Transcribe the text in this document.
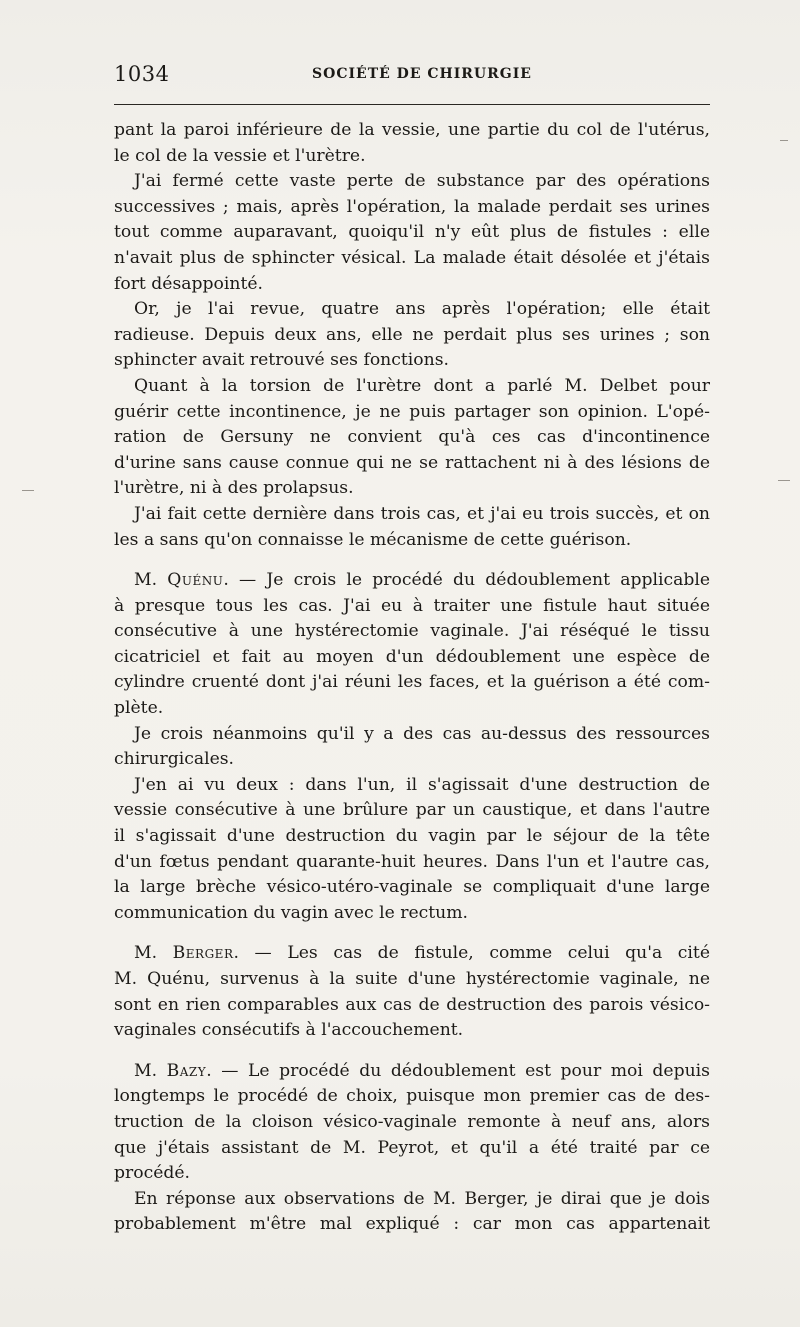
1034	SOCIÉTÉ DE CHIRURGIE
pant la paroi inférieure de la vessie, une partie du col de l'utérus,
le col de la vessie et l'urètre.
J'ai fermé cette vaste perte de substance par des opérations
successives ; mais, après l'opération, la malade perdait ses urines
tout comme auparavant, quoiqu'il n'y eût plus de fistules : elle
n'avait plus de sphincter vésical. La malade était désolée et j'étais
fort désappointé.
Or, je l'ai revue, quatre ans après l'opération; elle était
radieuse. Depuis deux ans, elle ne perdait plus ses urines ; son
sphincter avait retrouvé ses fonctions.
Quant à la torsion de l'urètre dont a parlé M. Delbet pour
guérir cette incontinence, je ne puis partager son opinion. L'opé-
ration de Gersuny ne convient qu'à ces cas d'incontinence
d'urine sans cause connue qui ne se rattachent ni à des lésions de
l'urètre, ni à des prolapsus.
J'ai fait cette dernière dans trois cas, et j'ai eu trois succès, et on
les a sans qu'on connaisse le mécanisme de cette guérison.
M. Quénu. — Je crois le procédé du dédoublement applicable
à presque tous les cas. J'ai eu à traiter une fistule haut située
consécutive à une hystérectomie vaginale. J'ai réséqué le tissu
cicatriciel et fait au moyen d'un dédoublement une espèce de
cylindre cruenté dont j'ai réuni les faces, et la guérison a été com-
plète.
Je crois néanmoins qu'il y a des cas au-dessus des ressources
chirurgicales.
J'en ai vu deux : dans l'un, il s'agissait d'une destruction de
vessie consécutive à une brûlure par un caustique, et dans l'autre
il s'agissait d'une destruction du vagin par le séjour de la tête
d'un fœtus pendant quarante-huit heures. Dans l'un et l'autre cas,
la large brèche vésico-utéro-vaginale se compliquait d'une large
communication du vagin avec le rectum.
M. Berger. — Les cas de fistule, comme celui qu'a cité
M. Quénu, survenus à la suite d'une hystérectomie vaginale, ne
sont en rien comparables aux cas de destruction des parois vésico-
vaginales consécutifs à l'accouchement.
M. Bazy. — Le procédé du dédoublement est pour moi depuis
longtemps le procédé de choix, puisque mon premier cas de des-
truction de la cloison vésico-vaginale remonte à neuf ans, alors
que j'étais assistant de M. Peyrot, et qu'il a été traité par ce
procédé.
En réponse aux observations de M. Berger, je dirai que je dois
probablement m'être mal expliqué : car mon cas appartenait
